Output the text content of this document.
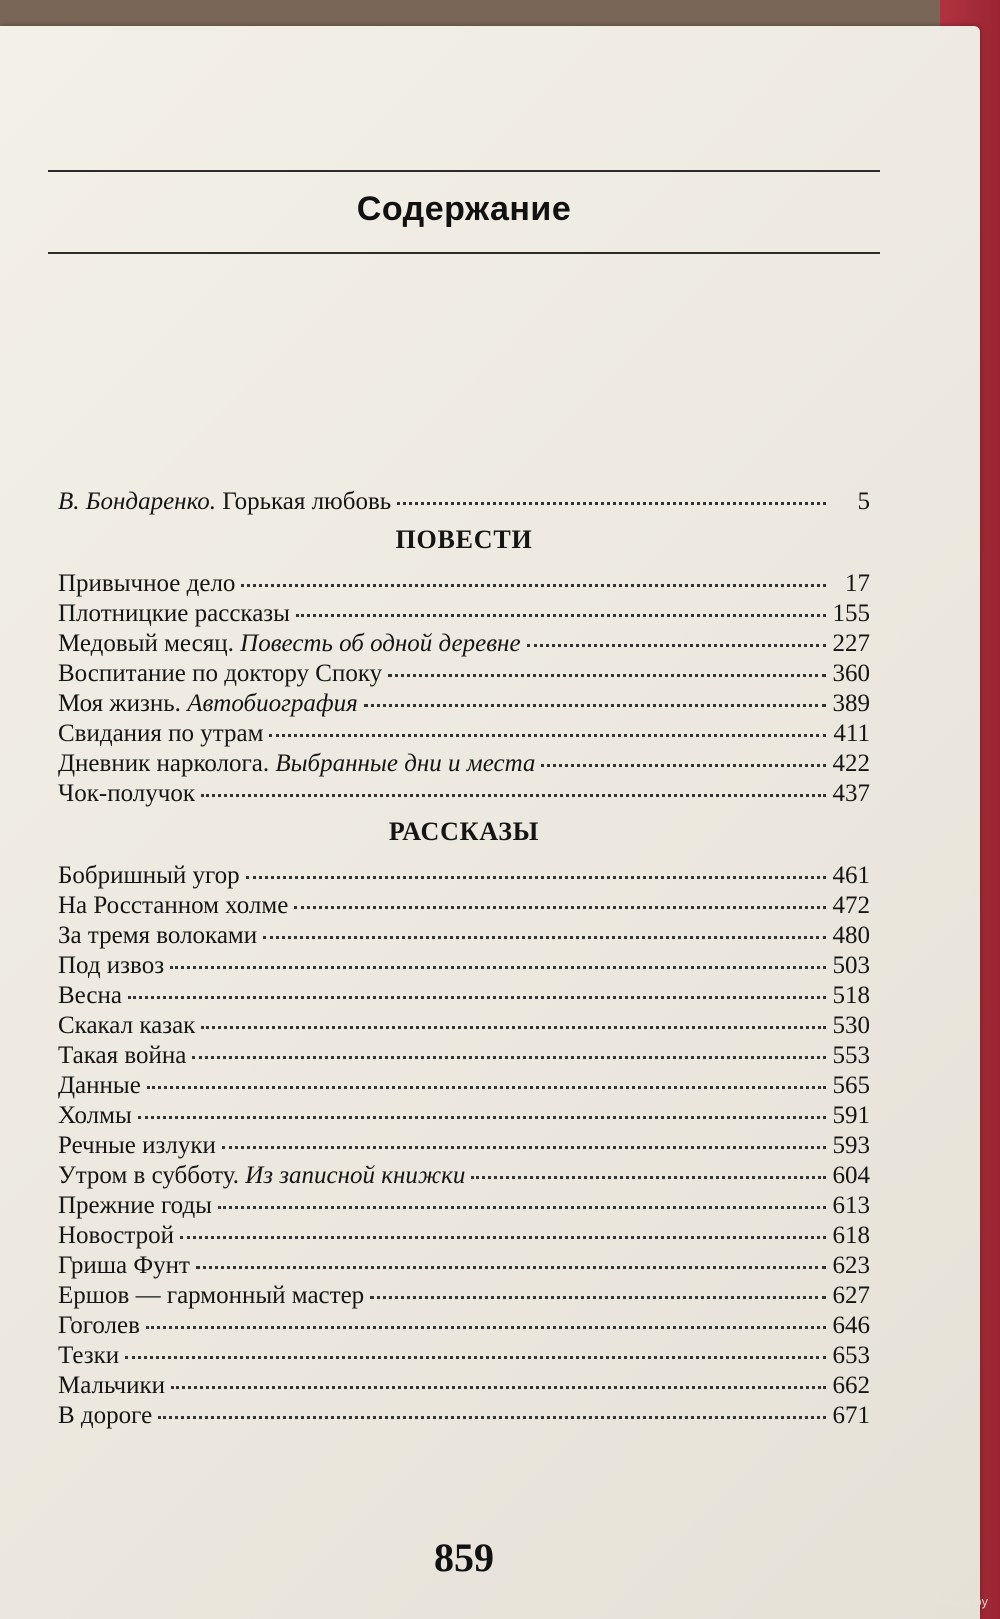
Содержание
В. Бондаренко. Горькая любовь	5
ПОВЕСТИ
Привычное дело	17
Плотницкие рассказы	155
Медовый месяц. Повесть об одной деревне	227
Воспитание по доктору Споку	360
Моя жизнь. Автобиография	389
Свидания по утрам	411
Дневник нарколога. Выбранные дни и места	422
Чок-получок	437
РАССКАЗЫ
Бобришный угор	461
На Росстанном холме	472
За тремя волоками	480
Под извоз	503
Весна	518
Скакал казак	530
Такая война	553
Данные	565
Холмы	591
Речные излуки	593
Утром в субботу. Из записной книжки	604
Прежние годы	613
Новострой	618
Гриша Фунт	623
Ершов — гармонный мастер	627
Гоголев	646
Тезки	653
Мальчики	662
В дороге	671
859
www.ay.by
